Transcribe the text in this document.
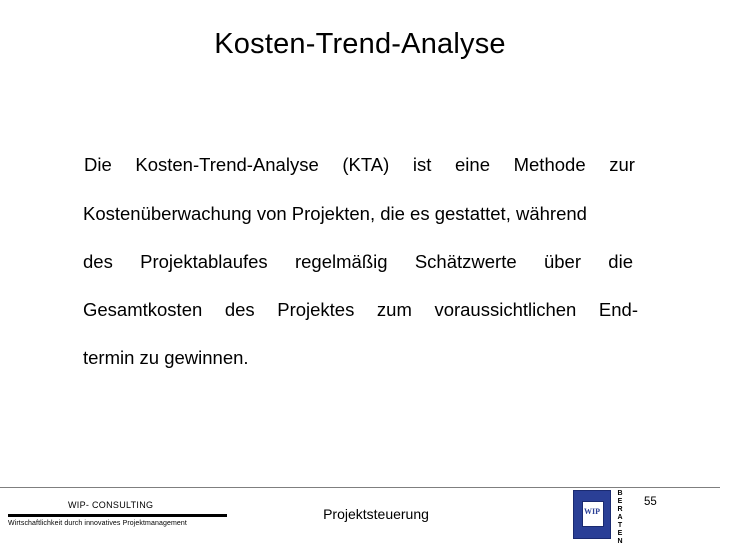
Kosten-Trend-Analyse
Die Kosten-Trend-Analyse (KTA) ist eine Methode zur
Kostenüberwachung von Projekten, die es gestattet, während
des Projektablaufes regelmäßig Schätzwerte über die
Gesamtkosten des Projektes zum voraussichtlichen End-
termin zu gewinnen.
WIP- CONSULTING
Wirtschaftlichkeit durch innovatives Projektmanagement
Projektsteuerung	WIP
B
E
R
A
T
E
N
55
